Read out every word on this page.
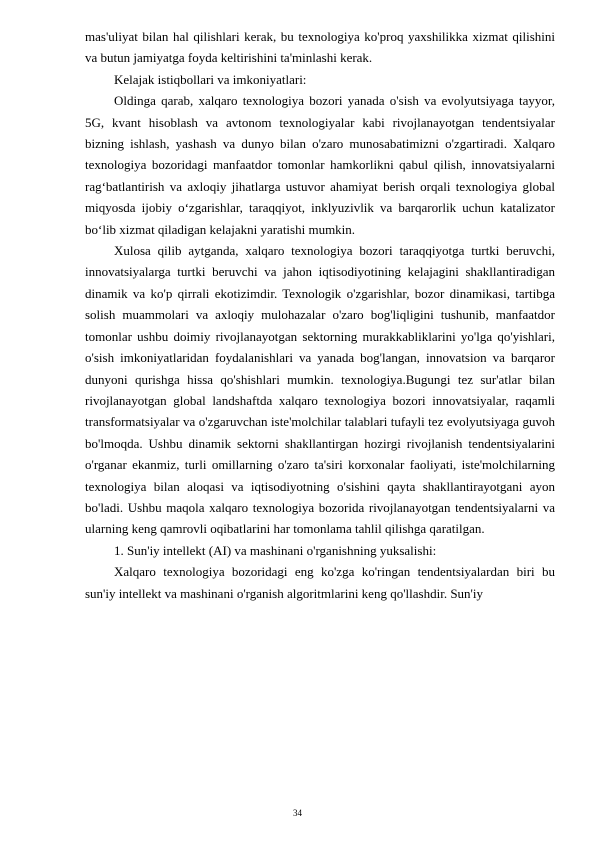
mas'uliyat bilan hal qilishlari kerak, bu texnologiya ko'proq yaxshilikka xizmat qilishini va butun jamiyatga foyda keltirishini ta'minlashi kerak.

Kelajak istiqbollari va imkoniyatlari:

Oldinga qarab, xalqaro texnologiya bozori yanada o'sish va evolyutsiyaga tayyor, 5G, kvant hisoblash va avtonom texnologiyalar kabi rivojlanayotgan tendentsiyalar bizning ishlash, yashash va dunyo bilan o'zaro munosabatimizni o'zgartiradi. Xalqaro texnologiya bozoridagi manfaatdor tomonlar hamkorlikni qabul qilish, innovatsiyalarni rag‘batlantirish va axloqiy jihatlarga ustuvor ahamiyat berish orqali texnologiya global miqyosda ijobiy o‘zgarishlar, taraqqiyot, inklyuzivlik va barqarorlik uchun katalizator bo‘lib xizmat qiladigan kelajakni yaratishi mumkin.

Xulosa qilib aytganda, xalqaro texnologiya bozori taraqqiyotga turtki beruvchi, innovatsiyalarga turtki beruvchi va jahon iqtisodiyotining kelajagini shakllantiradigan dinamik va ko'p qirrali ekotizimdir. Texnologik o'zgarishlar, bozor dinamikasi, tartibga solish muammolari va axloqiy mulohazalar o'zaro bog'liqligini tushunib, manfaatdor tomonlar ushbu doimiy rivojlanayotgan sektorning murakkabliklarini yo'lga qo'yishlari, o'sish imkoniyatlaridan foydalanishlari va yanada bog'langan, innovatsion va barqaror dunyoni qurishga hissa qo'shishlari mumkin. texnologiya.Bugungi tez sur'atlar bilan rivojlanayotgan global landshaftda xalqaro texnologiya bozori innovatsiyalar, raqamli transformatsiyalar va o'zgaruvchan iste'molchilar talablari tufayli tez evolyutsiyaga guvoh bo'lmoqda. Ushbu dinamik sektorni shakllantirgan hozirgi rivojlanish tendentsiyalarini o'rganar ekanmiz, turli omillarning o'zaro ta'siri korxonalar faoliyati, iste'molchilarning texnologiya bilan aloqasi va iqtisodiyotning o'sishini qayta shakllantirayotgani ayon bo'ladi. Ushbu maqola xalqaro texnologiya bozorida rivojlanayotgan tendentsiyalarni va ularning keng qamrovli oqibatlarini har tomonlama tahlil qilishga qaratilgan.

1. Sun'iy intellekt (AI) va mashinani o'rganishning yuksalishi:

Xalqaro texnologiya bozoridagi eng ko'zga ko'ringan tendentsiyalardan biri bu sun'iy intellekt va mashinani o'rganish algoritmlarini keng qo'llashdir. Sun'iy

34
